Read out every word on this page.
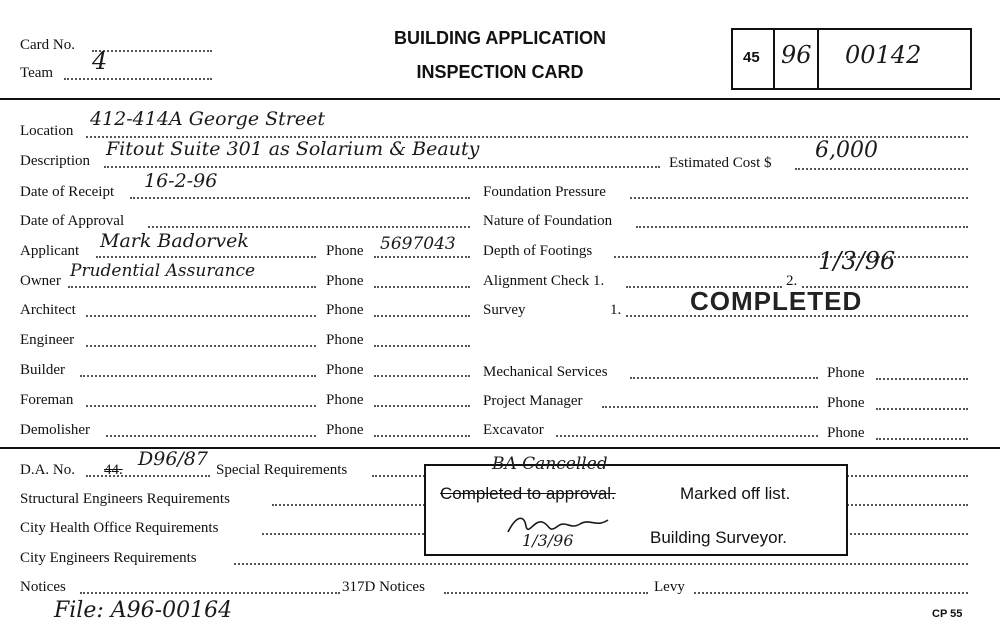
Card No.
Team 4
BUILDING APPLICATION
INSPECTION CARD
45 96 00142
Location
412-414A George Street
Description
Fitout Suite 301 as Solarium & Beauty
Estimated Cost $ 6,000
Date of Receipt 16-2-96
Date of Approval
Applicant Mark Badorvek	Phone 5697043
Owner Prudential Assurance	Phone
Architect	Phone
Engineer	Phone
Builder	Phone
Foreman	Phone
Demolisher	Phone
Foundation Pressure
Nature of Foundation
Depth of Footings
Alignment Check 1.	2.
1/3/96
Survey	1.	COMPLETED
Mechanical Services	Phone
Project Manager	Phone
Excavator	Phone
D.A. No. 44. D96/87 Special Requirements
Structural Engineers Requirements
City Health Office Requirements
City Engineers Requirements
Notices	317D Notices	Levy
BA Cancelled
Completed to approval.	Marked off list.
1/3/96	Building Surveyor.
File: A96-00164	CP 55
